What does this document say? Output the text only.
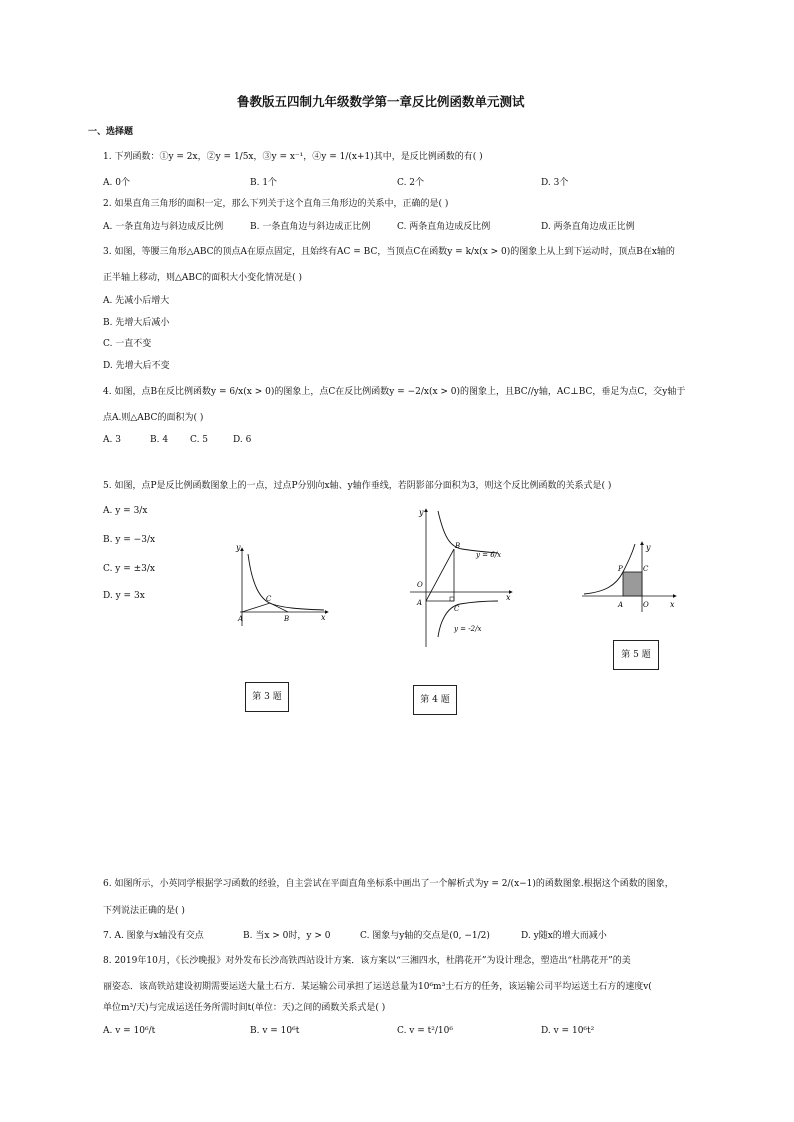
鲁教版五四制九年级数学第一章反比例函数单元测试
一、选择题
1. 下列函数：①y = 2x，②y = 1/5x，③y = x⁻¹，④y = 1/(x+1)其中，是反比例函数的有( )
A. 0个	B. 1个	C. 2个	D. 3个
2. 如果直角三角形的面积一定，那么下列关于这个直角三角形边的关系中，正确的是( )
A. 一条直角边与斜边成反比例	B. 一条直角边与斜边成正比例	C. 两条直角边成反比例	D. 两条直角边成正比例
3. 如图，等腰三角形△ABC的顶点A在原点固定，且始终有AC = BC，当顶点C在函数y = k/x(x > 0)的图象上从上到下运动时，顶点B在x轴的
正半轴上移动，则△ABC的面积大小变化情况是( )
A. 先减小后增大
B. 先增大后减小
C. 一直不变
D. 先增大后不变
4. 如图，点B在反比例函数y = 6/x(x > 0)的图象上，点C在反比例函数y = −2/x(x > 0)的图象上，且BC//y轴，AC⊥BC，垂足为点C，交y轴于
点A.则△ABC的面积为( )
A. 3	B. 4 C. 5	D. 6
5. 如图，点P是反比例函数图象上的一点，过点P分别向x轴、y轴作垂线，若阴影部分面积为3，则这个反比例函数的关系式是( )
A. y = 3/x
B. y = −3/x
C. y = ±3/x
D. y = 3x
y
x
A	B
C
第 3 题
y
x
O
A
B
C
y = 6/x
y = -2/x
第 4 题
y
x
O
A
P	C
第 5 题
6. 如图所示，小英同学根据学习函数的经验，自主尝试在平面直角坐标系中画出了一个解析式为y = 2/(x−1)的函数图象.根据这个函数的图象，
下列说法正确的是( )
7. A. 图象与x轴没有交点	B. 当x > 0时，y > 0	C. 图象与y轴的交点是(0, −1/2)	D. y随x的增大而减小
8. 2019年10月，《长沙晚报》对外发布长沙高铁西站设计方案．该方案以“三湘四水，杜鹃花开”为设计理念，塑造出“杜鹃花开”的美
丽姿态．该高铁站建设初期需要运送大量土石方．某运输公司承担了运送总量为10⁶m³土石方的任务，该运输公司平均运送土石方的速度v(
单位m³/天)与完成运送任务所需时间t(单位：天)之间的函数关系式是( )
A. v = 10⁶/t	B. v = 10⁶t	C. v = t²/10⁶	D. v = 10⁶t²
